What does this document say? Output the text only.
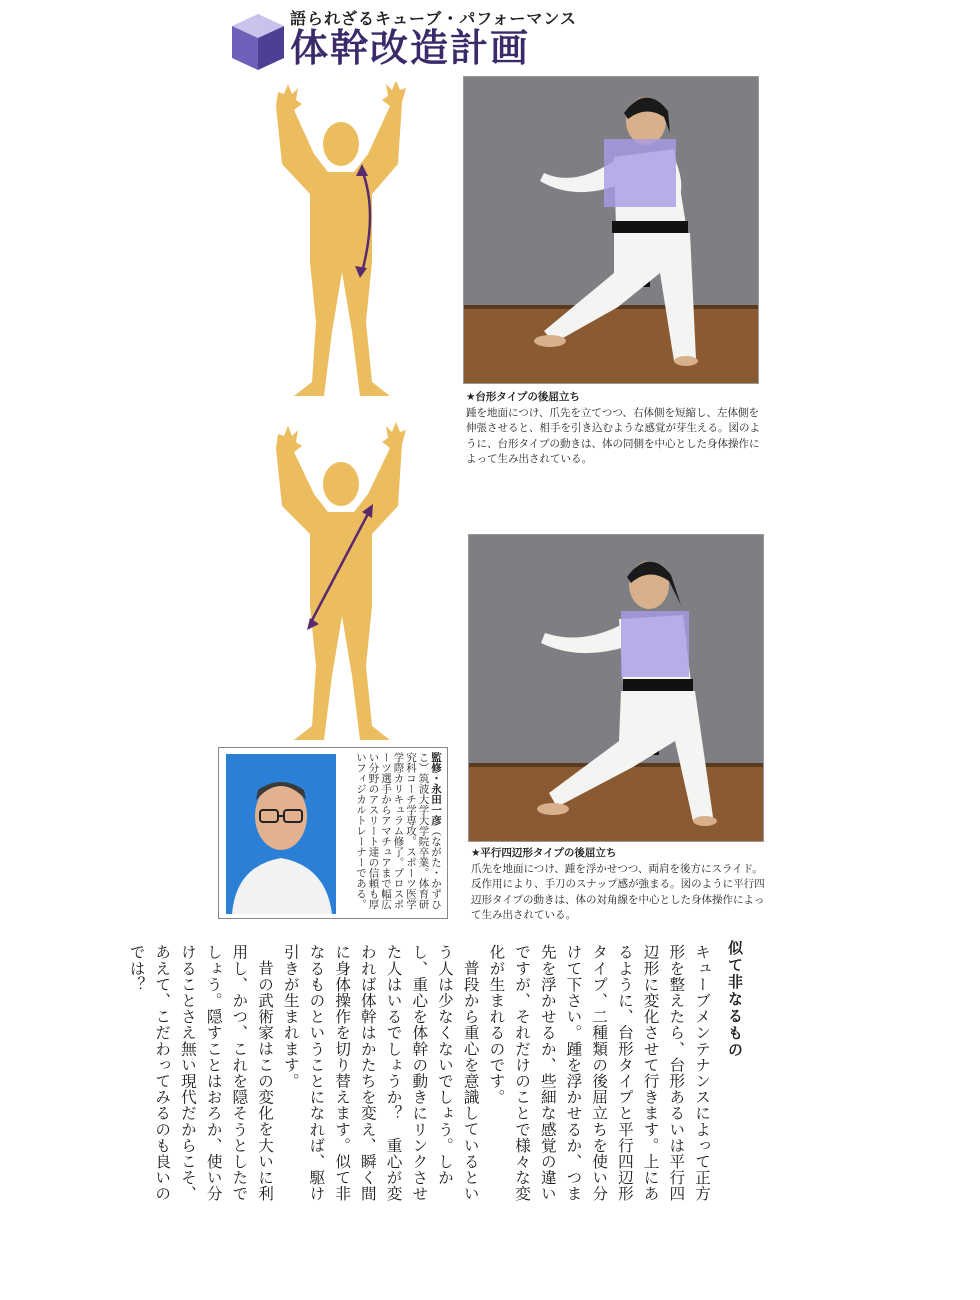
語られざるキューブ・パフォーマンス
体幹改造計画
★台形タイプの後屈立ち
踵を地面につけ、爪先を立てつつ、右体側を短縮し、左体側を伸張させると、相手を引き込むような感覚が芽生える。図のように、台形タイプの動きは、体の同側を中心とした身体操作によって生み出されている。
★平行四辺形タイプの後屈立ち
爪先を地面につけ、踵を浮かせつつ、両肩を後方にスライド。反作用により、手刀のスナップ感が強まる。図のように平行四辺形タイプの動きは、体の対角線を中心とした身体操作によって生み出されている。
監修・永田一彦（ながた・かずひこ）筑波大学大学院卒業。体育研究科コーチ学専攻。スポーツ医学学際カリキュラム修了。プロスポーツ選手からアマチュアまで幅広い分野のアスリート達の信頼も厚いフィジカルトレーナーである。
似て非なるもの

キューブメンテナンスによって正方形を整えたら、台形あるいは平行四辺形に変化させて行きます。上にあるように、台形タイプと平行四辺形タイプ、二種類の後屈立ちを使い分けて下さい。踵を浮かせるか、つま先を浮かせるか、些細な感覚の違いですが、それだけのことで様々な変化が生まれるのです。

普段から重心を意識しているという人は少なくないでしょう。しかし、重心を体幹の動きにリンクさせた人はいるでしょうか？　重心が変われば体幹はかたちを変え、瞬く間に身体操作を切り替えます。似て非なるものということになれば、駆け引きが生まれます。

昔の武術家はこの変化を大いに利用し、かつ、これを隠そうとしたでしょう。隠すことはおろか、使い分けることさえ無い現代だからこそ、あえて、こだわってみるのも良いのでは？
